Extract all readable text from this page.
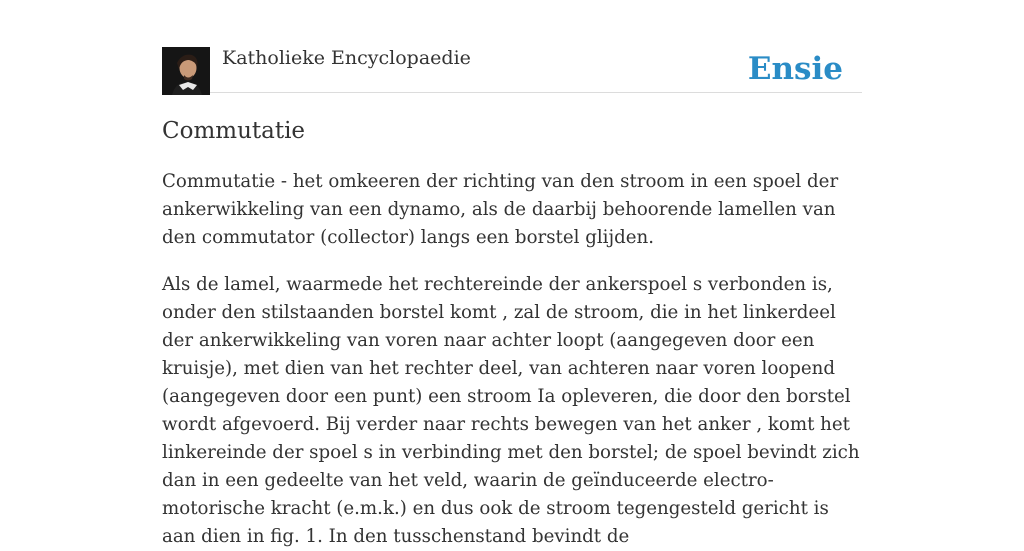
Katholieke Encyclopaedie	Ensie
Commutatie

Commutatie - het omkeeren der richting van den stroom in een spoel der ankerwikkeling van een dynamo, als de daarbij behoorende lamellen van den commutator (collector) langs een borstel glijden.

Als de lamel, waarmede het rechtereinde der ankerspoel s verbonden is, onder den stilstaanden borstel komt , zal de stroom, die in het linkerdeel der ankerwikkeling van voren naar achter loopt (aangegeven door een kruisje), met dien van het rechter deel, van achteren naar voren loopend (aangegeven door een punt) een stroom Ia opleveren, die door den borstel wordt afgevoerd. Bij verder naar rechts bewegen van het anker , komt het linkereinde der spoel s in verbinding met den borstel; de spoel bevindt zich dan in een gedeelte van het veld, waarin de geïnduceerde electro-motorische kracht (e.m.k.) en dus ook de stroom tegengesteld gericht is aan dien in fig. 1. In den tusschenstand bevindt de
